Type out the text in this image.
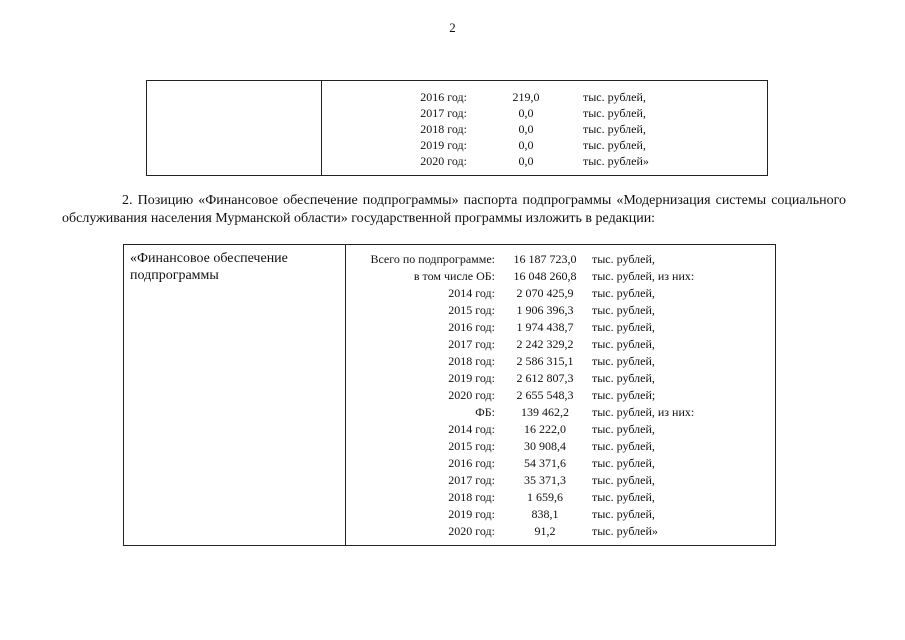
2
2016 год:	219,0	тыс. рублей,
2017 год:	0,0	тыс. рублей,
2018 год:	0,0	тыс. рублей,
2019 год:	0,0	тыс. рублей,
2020 год:	0,0	тыс. рублей»
2. Позицию «Финансовое обеспечение подпрограммы» паспорта подпрограммы «Модернизация системы социального обслуживания населения Мурманской области» государственной программы изложить в редакции:
«Финансовое обеспечение
подпрограммы
Всего по подпрограмме:	16 187 723,0	тыс. рублей,
в том числе ОБ:	16 048 260,8	тыс. рублей, из них:
2014 год:	2 070 425,9	тыс. рублей,
2015 год:	1 906 396,3	тыс. рублей,
2016 год:	1 974 438,7	тыс. рублей,
2017 год:	2 242 329,2	тыс. рублей,
2018 год:	2 586 315,1	тыс. рублей,
2019 год:	2 612 807,3	тыс. рублей,
2020 год:	2 655 548,3	тыс. рублей;
ФБ:	139 462,2	тыс. рублей, из них:
2014 год:	16 222,0	тыс. рублей,
2015 год:	30 908,4	тыс. рублей,
2016 год:	54 371,6	тыс. рублей,
2017 год:	35 371,3	тыс. рублей,
2018 год:	1 659,6	тыс. рублей,
2019 год:	838,1	тыс. рублей,
2020 год:	91,2	тыс. рублей»
